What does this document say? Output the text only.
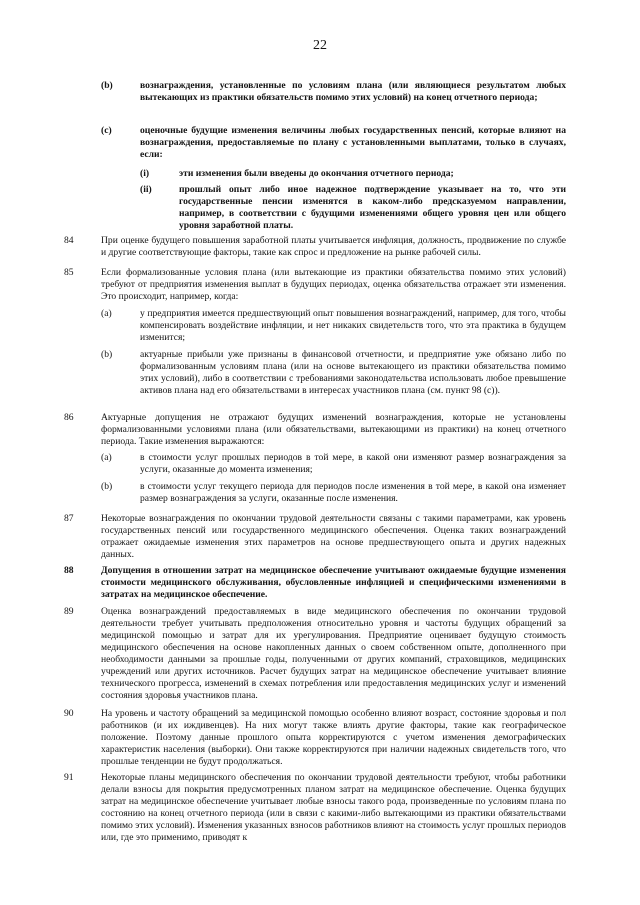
22
(b)	вознаграждения, установленные по условиям плана (или являющиеся результатом любых вытекающих из практики обязательств помимо этих условий) на конец отчетного периода;
(c)	оценочные будущие изменения величины любых государственных пенсий, которые влияют на вознаграждения, предоставляемые по плану с установленными выплатами, только в случаях, если:
(i)	эти изменения были введены до окончания отчетного периода;
(ii)	прошлый опыт либо иное надежное подтверждение указывает на то, что эти государственные пенсии изменятся в каком-либо предсказуемом направлении, например, в соответствии с будущими изменениями общего уровня цен или общего уровня заработной платы.
84	При оценке будущего повышения заработной платы учитывается инфляция, должность, продвижение по службе и другие соответствующие факторы, такие как спрос и предложение на рынке рабочей силы.
85	Если формализованные условия плана (или вытекающие из практики обязательства помимо этих условий) требуют от предприятия изменения выплат в будущих периодах, оценка обязательства отражает эти изменения. Это происходит, например, когда:
(a)	у предприятия имеется предшествующий опыт повышения вознаграждений, например, для того, чтобы компенсировать воздействие инфляции, и нет никаких свидетельств того, что эта практика в будущем изменится;
(b)	актуарные прибыли уже признаны в финансовой отчетности, и предприятие уже обязано либо по формализованным условиям плана (или на основе вытекающего из практики обязательства помимо этих условий), либо в соответствии с требованиями законодательства использовать любое превышение активов плана над его обязательствами в интересах участников плана (см. пункт 98 (c)).
86	Актуарные допущения не отражают будущих изменений вознаграждения, которые не установлены формализованными условиями плана (или обязательствами, вытекающими из практики) на конец отчетного периода. Такие изменения выражаются:
(a)	в стоимости услуг прошлых периодов в той мере, в какой они изменяют размер вознаграждения за услуги, оказанные до момента изменения;
(b)	в стоимости услуг текущего периода для периодов после изменения в той мере, в какой она изменяет размер вознаграждения за услуги, оказанные после изменения.
87	Некоторые вознаграждения по окончании трудовой деятельности связаны с такими параметрами, как уровень государственных пенсий или государственного медицинского обеспечения. Оценка таких вознаграждений отражает ожидаемые изменения этих параметров на основе предшествующего опыта и других надежных данных.
88	Допущения в отношении затрат на медицинское обеспечение учитывают ожидаемые будущие изменения стоимости медицинского обслуживания, обусловленные инфляцией и специфическими изменениями в затратах на медицинское обеспечение.
89	Оценка вознаграждений предоставляемых в виде медицинского обеспечения по окончании трудовой деятельности требует учитывать предположения относительно уровня и частоты будущих обращений за медицинской помощью и затрат для их урегулирования. Предприятие оценивает будущую стоимость медицинского обеспечения на основе накопленных данных о своем собственном опыте, дополненного при необходимости данными за прошлые годы, полученными от других компаний, страховщиков, медицинских учреждений или других источников. Расчет будущих затрат на медицинское обеспечение учитывает влияние технического прогресса, изменений в схемах потребления или предоставления медицинских услуг и изменений состояния здоровья участников плана.
90	На уровень и частоту обращений за медицинской помощью особенно влияют возраст, состояние здоровья и пол работников (и их иждивенцев). На них могут также влиять другие факторы, такие как географическое положение. Поэтому данные прошлого опыта корректируются с учетом изменения демографических характеристик населения (выборки). Они также корректируются при наличии надежных свидетельств того, что прошлые тенденции не будут продолжаться.
91	Некоторые планы медицинского обеспечения по окончании трудовой деятельности требуют, чтобы работники делали взносы для покрытия предусмотренных планом затрат на медицинское обеспечение. Оценка будущих затрат на медицинское обеспечение учитывает любые взносы такого рода, произведенные по условиям плана по состоянию на конец отчетного периода (или в связи с какими-либо вытекающими из практики обязательствами помимо этих условий). Изменения указанных взносов работников влияют на стоимость услуг прошлых периодов или, где это применимо, приводят к
